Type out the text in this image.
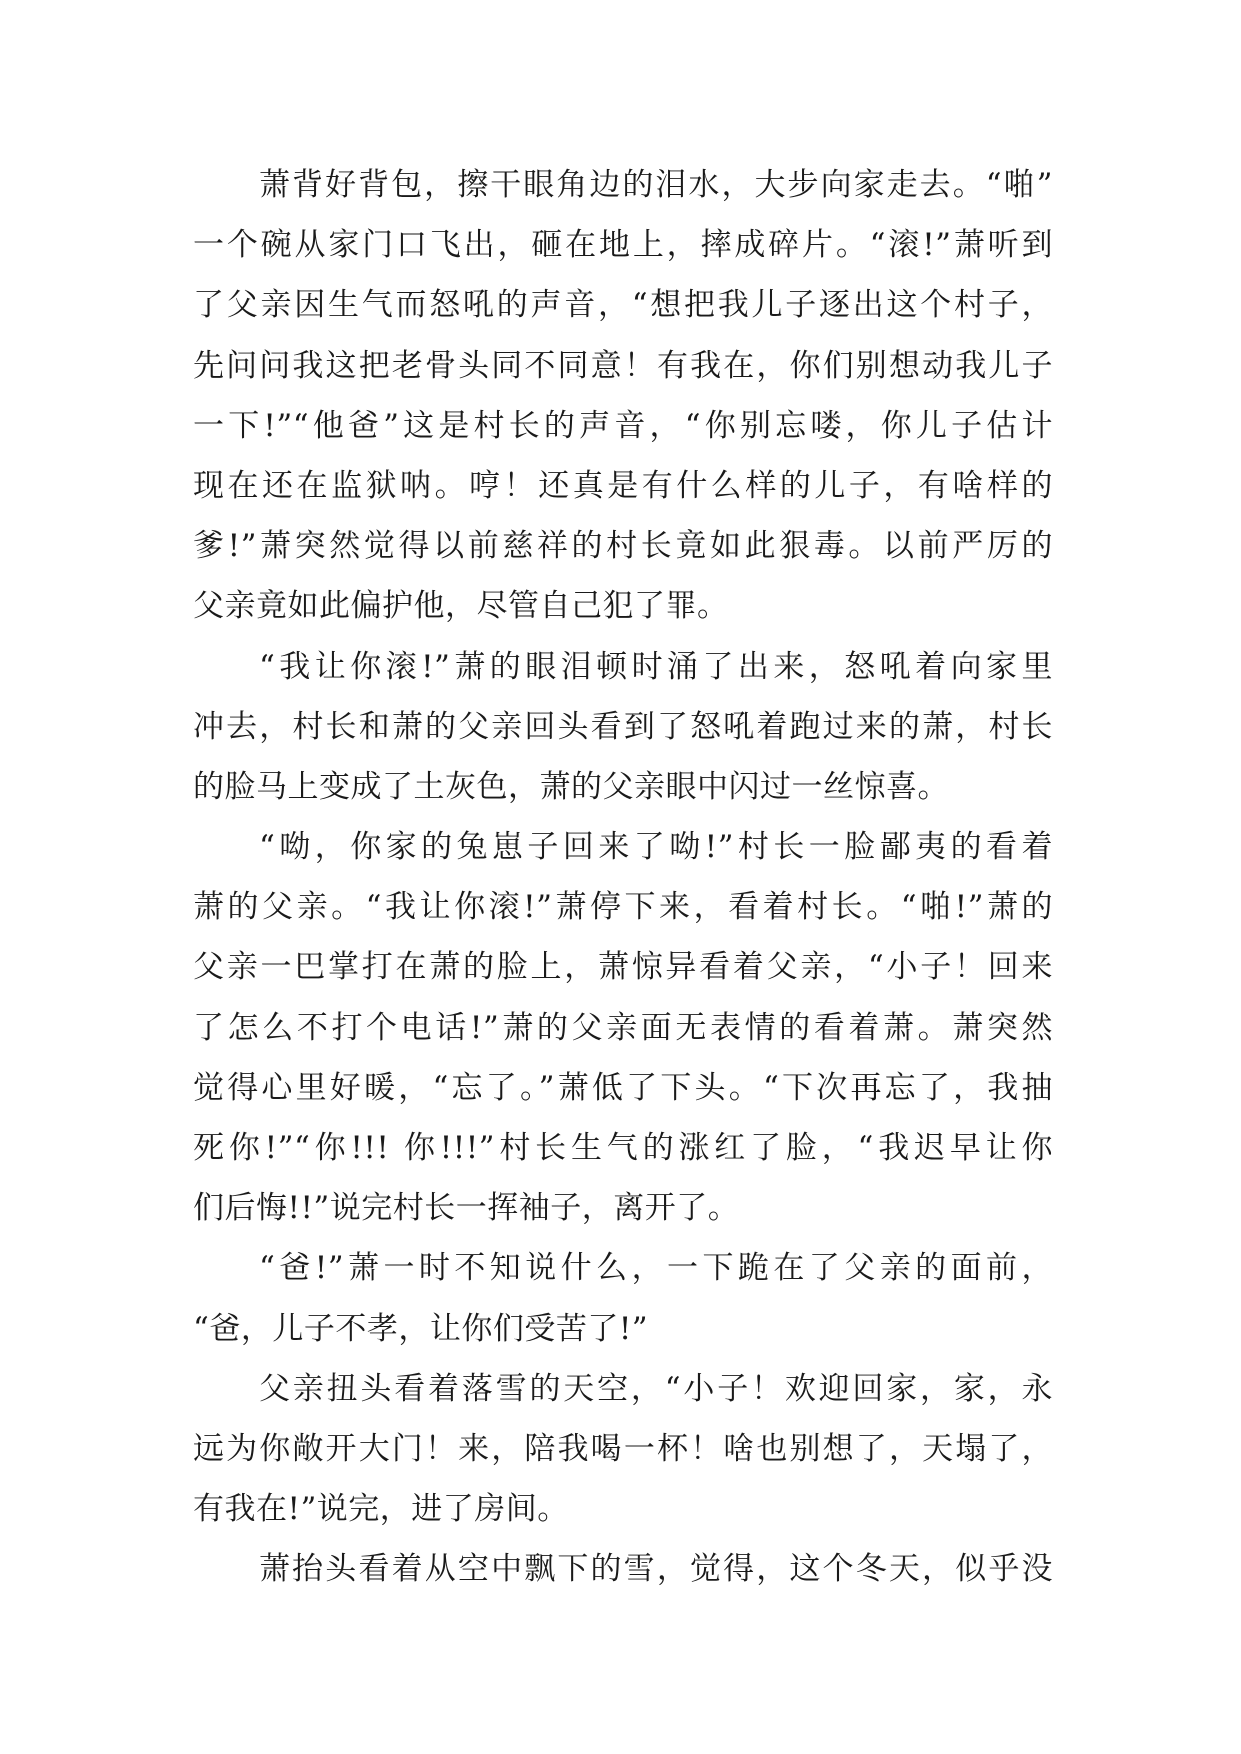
萧背好背包，擦干眼角边的泪水，大步向家走去。“啪”
一个碗从家门口飞出，砸在地上，摔成碎片。“滚!”萧听到
了父亲因生气而怒吼的声音，“想把我儿子逐出这个村子，
先问问我这把老骨头同不同意！有我在，你们别想动我儿子
一下!”“他爸”这是村长的声音，“你别忘喽，你儿子估计
现在还在监狱呐。哼！还真是有什么样的儿子，有啥样的
爹!”萧突然觉得以前慈祥的村长竟如此狠毒。以前严厉的
父亲竟如此偏护他，尽管自己犯了罪。
“我让你滚!”萧的眼泪顿时涌了出来，怒吼着向家里
冲去，村长和萧的父亲回头看到了怒吼着跑过来的萧，村长
的脸马上变成了土灰色，萧的父亲眼中闪过一丝惊喜。
“呦，你家的兔崽子回来了呦!”村长一脸鄙夷的看着
萧的父亲。“我让你滚!”萧停下来，看着村长。“啪!”萧的
父亲一巴掌打在萧的脸上，萧惊异看着父亲，“小子！回来
了怎么不打个电话!”萧的父亲面无表情的看着萧。萧突然
觉得心里好暖，“忘了。”萧低了下头。“下次再忘了，我抽
死你!”“你!!! 你!!!”村长生气的涨红了脸，“我迟早让你
们后悔!!”说完村长一挥袖子，离开了。
“爸!”萧一时不知说什么，一下跪在了父亲的面前，
“爸，儿子不孝，让你们受苦了!”
父亲扭头看着落雪的天空，“小子！欢迎回家，家，永
远为你敞开大门！来，陪我喝一杯！啥也别想了，天塌了，
有我在!”说完，进了房间。
萧抬头看着从空中飘下的雪，觉得，这个冬天，似乎没
